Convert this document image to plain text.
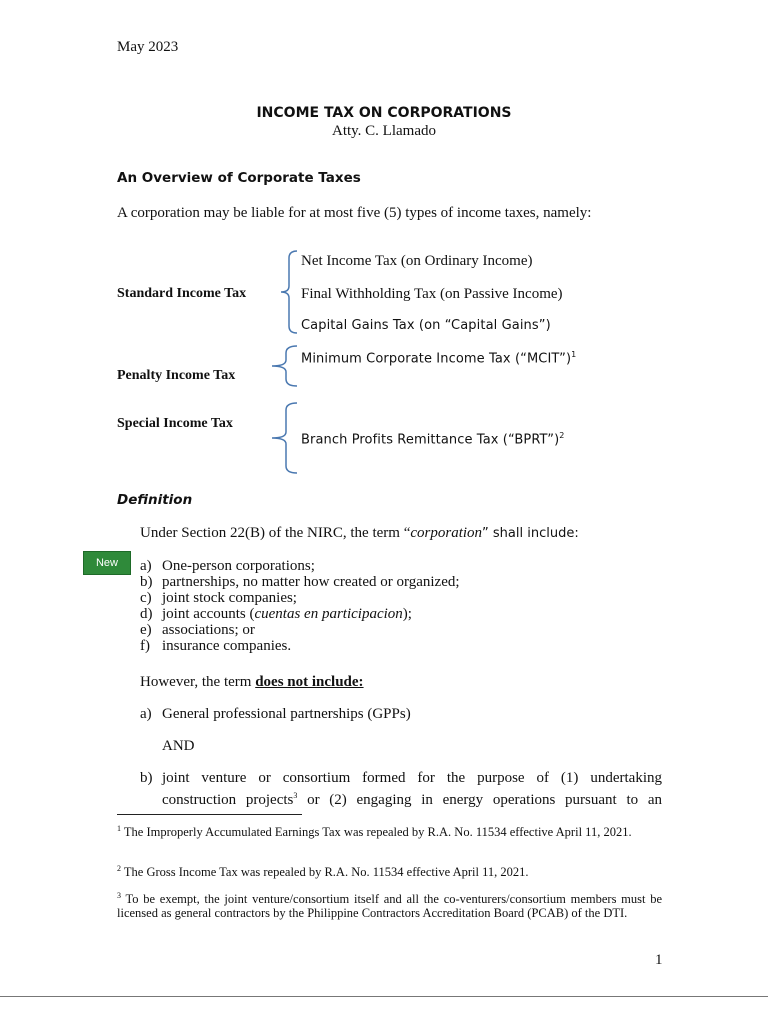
May 2023
INCOME TAX ON CORPORATIONS
Atty. C. Llamado
An Overview of Corporate Taxes
A corporation may be liable for at most five (5) types of income taxes, namely:
Standard Income Tax
Net Income Tax (on Ordinary Income)
Final Withholding Tax (on Passive Income)
Capital Gains Tax (on “Capital Gains”)
Penalty Income Tax
Minimum Corporate Income Tax (“MCIT”)$^1$
Special Income Tax
Branch Profits Remittance Tax (“BPRT”)$^2$
Definition
Under Section 22(B) of the NIRC, the term “corporation” shall include:
New	a) One-person corporations;
b) partnerships, no matter how created or organized;
c) joint stock companies;
d) joint accounts (cuentas en participacion);
e) associations; or
f) insurance companies.
However, the term does not include:
a) General professional partnerships (GPPs)
AND
b) joint venture or consortium formed for the purpose of (1) undertaking
construction projects$^3$ or (2) engaging in energy operations pursuant to an
$^1$ The Improperly Accumulated Earnings Tax was repealed by R.A. No. 11534 effective April 11, 2021.
$^2$ The Gross Income Tax was repealed by R.A. No. 11534 effective April 11, 2021.
$^3$ To be exempt, the joint venture/consortium itself and all the co-venturers/consortium members must be licensed as general contractors by the Philippine Contractors Accreditation Board (PCAB) of the DTI.
1
